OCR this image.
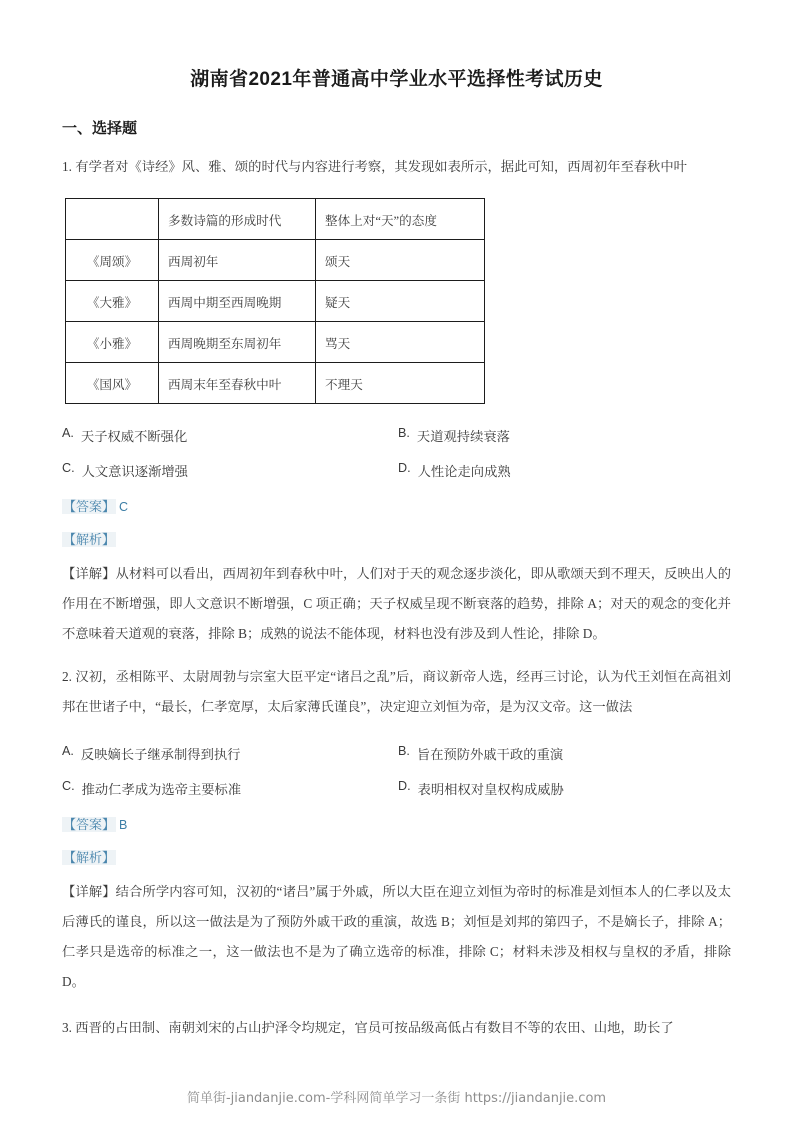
湖南省2021年普通高中学业水平选择性考试历史
一、选择题
1. 有学者对《诗经》风、雅、颂的时代与内容进行考察，其发现如表所示，据此可知，西周初年至春秋中叶
	多数诗篇的形成时代	整体上对“天”的态度
《周颂》	西周初年	颂天
《大雅》	西周中期至西周晚期	疑天
《小雅》	西周晚期至东周初年	骂天
《国风》	西周末年至春秋中叶	不理天
A. 天子权威不断强化	B. 天道观持续衰落
C. 人文意识逐渐增强	D. 人性论走向成熟
【答案】 C
【解析】
【详解】从材料可以看出，西周初年到春秋中叶，人们对于天的观念逐步淡化，即从歌颂天到不理天，反映出人的作用在不断增强，即人文意识不断增强，C 项正确；天子权威呈现不断衰落的趋势，排除 A；对天的观念的变化并不意味着天道观的衰落，排除 B；成熟的说法不能体现，材料也没有涉及到人性论，排除 D。
2. 汉初，丞相陈平、太尉周勃与宗室大臣平定“诸吕之乱”后，商议新帝人选，经再三讨论，认为代王刘恒在高祖刘邦在世诸子中，“最长，仁孝宽厚，太后家薄氏谨良”，决定迎立刘恒为帝，是为汉文帝。这一做法
A. 反映嫡长子继承制得到执行	B. 旨在预防外戚干政的重演
C. 推动仁孝成为选帝主要标准	D. 表明相权对皇权构成威胁
【答案】 B
【解析】
【详解】结合所学内容可知，汉初的“诸吕”属于外戚，所以大臣在迎立刘恒为帝时的标准是刘恒本人的仁孝以及太后薄氏的谨良，所以这一做法是为了预防外戚干政的重演，故选 B；刘恒是刘邦的第四子，不是嫡长子，排除 A；仁孝只是选帝的标准之一，这一做法也不是为了确立选帝的标准，排除 C；材料未涉及相权与皇权的矛盾，排除 D。
3. 西晋的占田制、南朝刘宋的占山护泽令均规定，官员可按品级高低占有数目不等的农田、山地，助长了
简单街-jiandanjie.com-学科网简单学习一条街 https://jiandanjie.com
